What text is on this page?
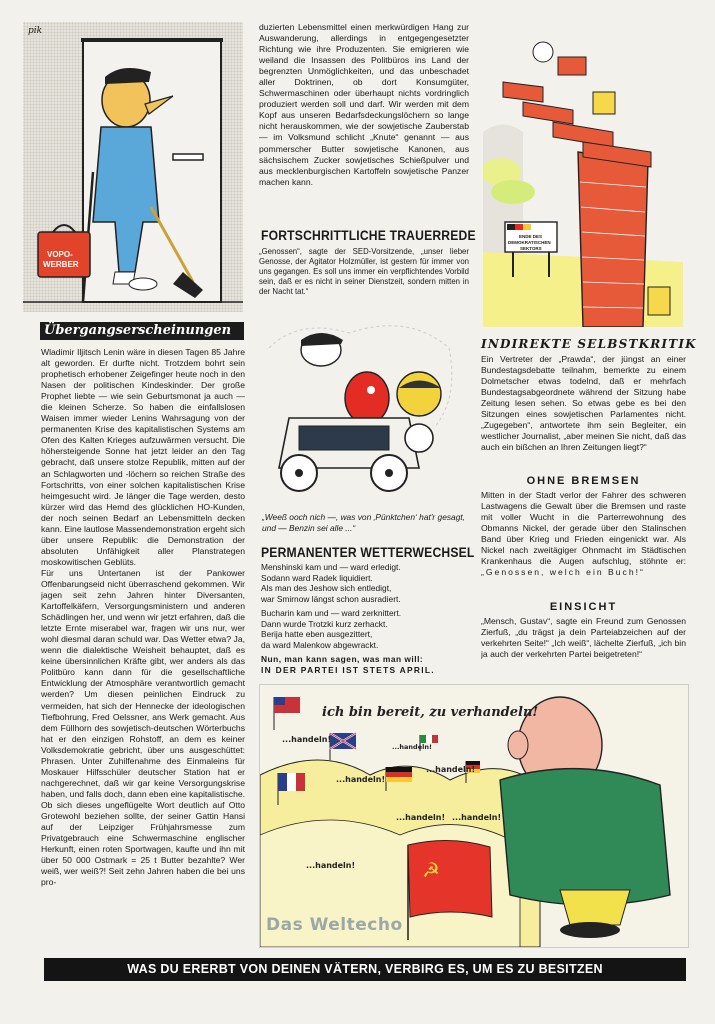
pik
VOPO-
WERBER
Übergangserscheinungen

Wladimir Iljitsch Lenin wäre in diesen Tagen 85 Jahre alt geworden. Er durfte nicht. Trotzdem bohrt sein prophetisch erhobener Zeigefinger heute noch in den Nasen der politischen Kindeskinder. Der große Prophet liebte — wie sein Geburtsmonat ja auch — die kleinen Scherze. So haben die einfallslosen Waisen immer wieder Lenins Wahrsagung von der permanenten Krise des kapitalistischen Systems am Ofen des Kalten Krieges aufzuwärmen versucht. Die höhersteigende Sonne hat jetzt leider an den Tag gebracht, daß unsere stolze Republik, mitten auf der an Schlagworten und -löchern so reichen Straße des Fortschritts, von einer solchen kapitalistischen Krise heimgesucht wird. Je länger die Tage werden, desto kürzer wird das Hemd des glücklichen HO-Kunden, der noch seinen Bedarf an Lebensmitteln decken kann. Eine lautlose Massendemonstration ergeht sich über unsere Republik: die Demonstration der absoluten Unfähigkeit aller Planstrategen moskowitischen Geblüts.

Für uns Untertanen ist der Pankower Offenbarungseid nicht überraschend gekommen. Wir jagen seit zehn Jahren hinter Diversanten, Kartoffelkäfern, Versorgungsministern und anderen Schädlingen her, und wenn wir jetzt erfahren, daß die letzte Ernte miserabel war, fragen wir uns nur, wer wohl diesmal daran schuld war. Das Wetter etwa? Ja, wenn die dialektische Weisheit behauptet, daß es keine übersinnlichen Kräfte gibt, wer anders als das Politbüro kann dann für die gesellschaftliche Entwicklung der Atmosphäre verantwortlich gemacht werden? Um diesen peinlichen Eindruck zu vermeiden, hat sich der Hennecke der ideologischen Tiefbohrung, Fred Oelssner, ans Werk gemacht. Aus dem Füllhorn des sowjetisch-deutschen Wörterbuchs hat er den einzigen Rohstoff, an dem es keiner Volksdemokratie gebricht, über uns ausgeschüttet: Phrasen. Unter Zuhilfenahme des Einmaleins für Moskauer Hilfsschüler deutscher Station hat er nachgerechnet, daß wir gar keine Versorgungskrise haben, und falls doch, dann eben eine kapitalistische. Ob sich dieses ungeflügelte Wort deutlich auf Otto Grotewohl beziehen sollte, der seiner Gattin Hansi auf der Leipziger Frühjahrsmesse zum Privatgebrauch eine Schwermaschine englischer Herkunft, einen roten Sportwagen, kaufte und ihn mit über 50 000 Ostmark = 25 t Butter bezahlte? Wer weiß, wer weiß?! Seit zehn Jahren haben die bei uns pro-

duzierten Lebensmittel einen merkwürdigen Hang zur Auswanderung, allerdings in entgegengesetzter Richtung wie ihre Produzenten. Sie emigrieren wie weiland die Insassen des Politbüros ins Land der begrenzten Unmöglichkeiten, und das unbeschadet aller Doktrinen, ob dort Konsumgüter, Schwermaschinen oder überhaupt nichts vordringlich produziert werden soll und darf. Wir werden mit dem Kopf aus unseren Bedarfsdeckungslöchern so lange nicht herauskommen, wie der sowjetische Zauberstab — im Volksmund schlicht „Knute“ genannt — aus pommerscher Butter sowjetische Kanonen, aus sächsischem Zucker sowjetisches Schießpulver und aus mecklenburgischen Kartoffeln sowjetische Panzer machen kann.
FORTSCHRITTLICHE TRAUERREDE
„Genossen“, sagte der SED-Vorsitzende, „unser lieber Genosse, der Agitator Holzmüller, ist gestern für immer von uns gegangen. Es soll uns immer ein verpflichtendes Vorbild sein, daß er es nicht in seiner Dienstzeit, sondern mitten in der Nacht tat.“
„Weeß ooch nich —, was von ‚Pünktchen‘ hat'r gesagt, und — Benzin sei alle ...“
PERMANENTER WETTERWECHSEL
Menshinski kam und — ward erledigt.
Sodann ward Radek liquidiert.
Als man des Jeshow sich entledigt,
war Smirnow längst schon ausradiert.
Bucharin kam und — ward zerknittert.
Dann wurde Trotzki kurz zerhackt.
Berija hatte eben ausgezittert,
da ward Malenkow abgewrackt.
Nun, man kann sagen, was man will:
IN DER PARTEI IST STETS APRIL.
ENDE DES
DEMOKRATISCHEN
SEKTORS
INDIREKTE SELBSTKRITIK
Ein Vertreter der „Prawda“, der jüngst an einer Bundestagsdebatte teilnahm, bemerkte zu einem Dolmetscher etwas todelnd, daß er mehrfach Bundestagsabgeordnete während der Sitzung habe Zeitung lesen sehen. So etwas gebe es bei den Sitzungen eines sowjetischen Parlamentes nicht. „Zugegeben“, antwortete ihm sein Begleiter, ein westlicher Journalist, „aber meinen Sie nicht, daß das auch ein bißchen an Ihren Zeitungen liegt?“
OHNE BREMSEN
Mitten in der Stadt verlor der Fahrer des schweren Lastwagens die Gewalt über die Bremsen und raste mit voller Wucht in die Parterrewohnung des Obmanns Nickel, der gerade über den Stalinschen Band über Krieg und Frieden eingenickt war. Als Nickel nach zweitägiger Ohnmacht im Städtischen Krankenhaus die Augen aufschlug, stöhnte er: „Genossen, welch ein Buch!“
EINSICHT
„Mensch, Gustav“, sagte ein Freund zum Genossen Zierfuß, „du trägst ja dein Parteiabzeichen auf der verkehrten Seite!“ „Ich weiß“, lächelte Zierfuß, „ich bin ja auch der verkehrten Partei beigetreten!“
☭
ich bin bereit, zu verhandeln!
...handeln!
...handeln!
...handeln!
...handeln!
...handeln! ...handeln!
...handeln!
Das Weltecho
WAS DU ERERBT VON DEINEN VÄTERN, VERBIRG ES, UM ES ZU BESITZEN
